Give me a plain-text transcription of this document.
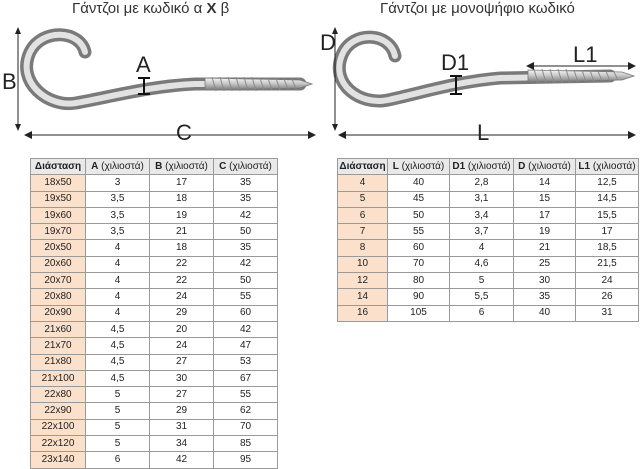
Γάντζοι με κωδικό α X β	Γάντζοι με μονοψήφιο κωδικό
B
A
C
D
D1	L1
L
Διάσταση	A (χιλιοστά)	B (χιλιοστά)	C (χιλιοστά)
18x50	3	17	35
19x50	3,5	18	35
19x60	3,5	19	42
19x70	3,5	21	50
20x50	4	18	35
20x60	4	22	42
20x70	4	22	50
20x80	4	24	55
20x90	4	29	60
21x60	4,5	20	42
21x70	4,5	24	47
21x80	4,5	27	53
21x100	4,5	30	67
22x80	5	27	55
22x90	5	29	62
22x100	5	31	70
22x120	5	34	85
23x140	6	42	95
Διάσταση	L (χιλιοστά)	D1 (χιλιοστά)	D (χιλιοστά)	L1 (χιλιοστά)
4	40	2,8	14	12,5
5	45	3,1	15	14,5
6	50	3,4	17	15,5
7	55	3,7	19	17
8	60	4	21	18,5
10	70	4,6	25	21,5
12	80	5	30	24
14	90	5,5	35	26
16	105	6	40	31
